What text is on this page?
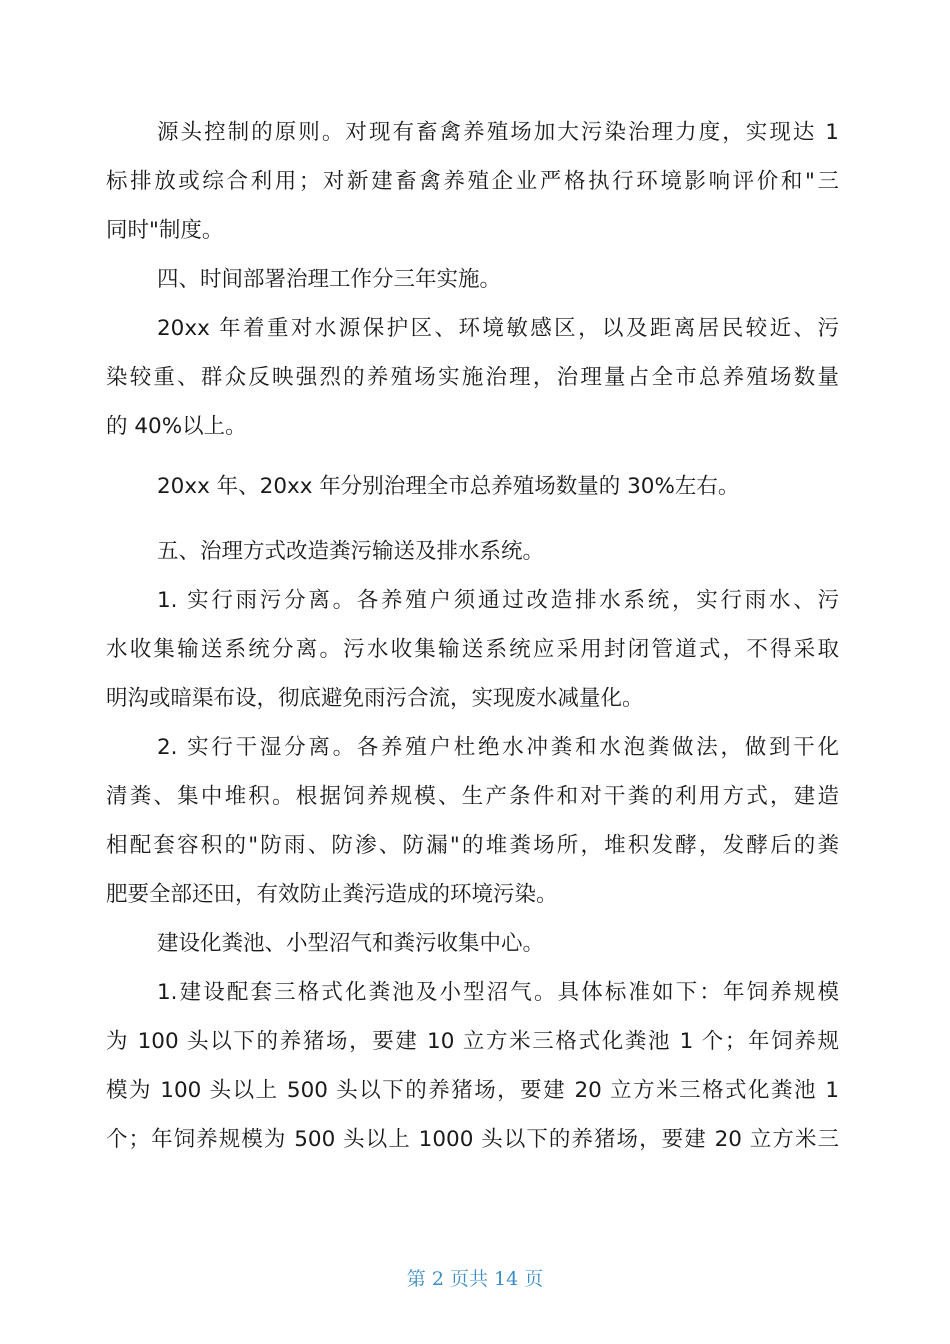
源头控制的原则。对现有畜禽养殖场加大污染治理力度，实现达 1

标排放或综合利用；对新建畜禽养殖企业严格执行环境影响评价和"三

同时"制度。

四、时间部署治理工作分三年实施。

20xx 年着重对水源保护区、环境敏感区，以及距离居民较近、污

染较重、群众反映强烈的养殖场实施治理，治理量占全市总养殖场数量

的 40%以上。

20xx 年、20xx 年分别治理全市总养殖场数量的 30%左右。

五、治理方式改造粪污输送及排水系统。

1. 实行雨污分离。各养殖户须通过改造排水系统，实行雨水、污

水收集输送系统分离。污水收集输送系统应采用封闭管道式，不得采取

明沟或暗渠布设，彻底避免雨污合流，实现废水减量化。

2. 实行干湿分离。各养殖户杜绝水冲粪和水泡粪做法，做到干化

清粪、集中堆积。根据饲养规模、生产条件和对干粪的利用方式，建造

相配套容积的"防雨、防渗、防漏"的堆粪场所，堆积发酵，发酵后的粪

肥要全部还田，有效防止粪污造成的环境污染。

建设化粪池、小型沼气和粪污收集中心。

1.建设配套三格式化粪池及小型沼气。具体标准如下：年饲养规模

为 100 头以下的养猪场，要建 10 立方米三格式化粪池 1 个；年饲养规

模为 100 头以上 500 头以下的养猪场，要建 20 立方米三格式化粪池 1

个；年饲养规模为 500 头以上 1000 头以下的养猪场，要建 20 立方米三

第 2 页共 14 页
